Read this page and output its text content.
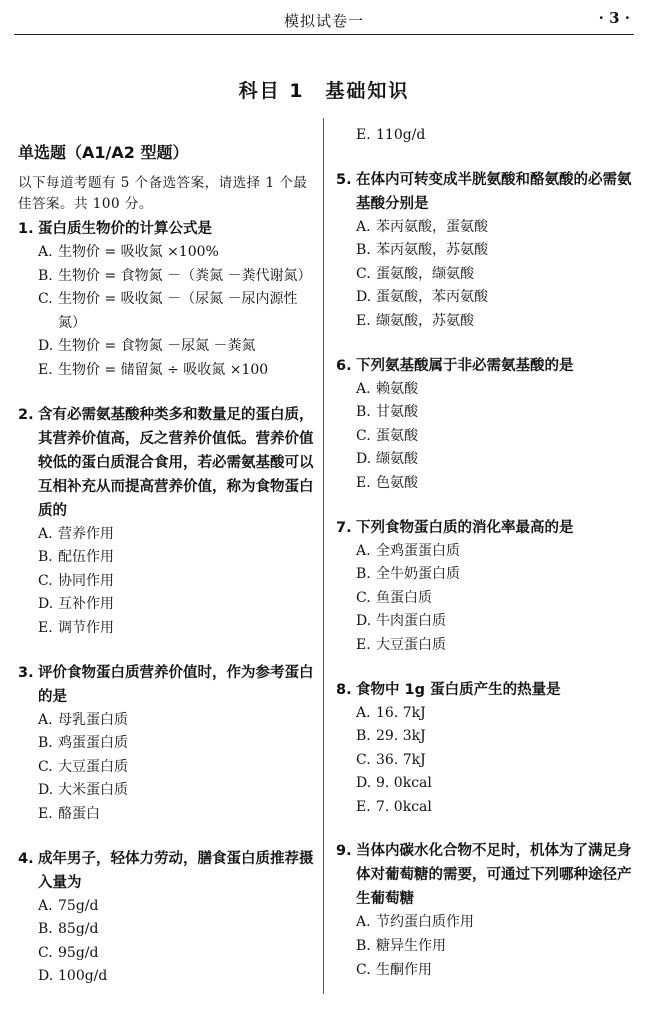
模拟试卷一	· 3 ·
科目 1　基础知识
单选题（A1/A2 型题）
以下每道考题有 5 个备选答案，请选择 1 个最佳答案。共 100 分。
1. 蛋白质生物价的计算公式是
A. 生物价 = 吸收氮 ×100%
B. 生物价 = 食物氮 －（粪氮 －粪代谢氮）
C. 生物价 = 吸收氮 －（尿氮 －尿内源性氮）
D. 生物价 = 食物氮 －尿氮 －粪氮
E. 生物价 = 储留氮 ÷ 吸收氮 ×100
2. 含有必需氨基酸种类多和数量足的蛋白质，其营养价值高，反之营养价值低。营养价值较低的蛋白质混合食用，若必需氨基酸可以互相补充从而提高营养价值，称为食物蛋白质的
A. 营养作用
B. 配伍作用
C. 协同作用
D. 互补作用
E. 调节作用
3. 评价食物蛋白质营养价值时，作为参考蛋白的是
A. 母乳蛋白质
B. 鸡蛋蛋白质
C. 大豆蛋白质
D. 大米蛋白质
E. 酪蛋白
4. 成年男子，轻体力劳动，膳食蛋白质推荐摄入量为
A. 75g/d
B. 85g/d
C. 95g/d
D. 100g/d
E. 110g/d
5. 在体内可转变成半胱氨酸和酪氨酸的必需氨基酸分别是
A. 苯丙氨酸，蛋氨酸
B. 苯丙氨酸，苏氨酸
C. 蛋氨酸，缬氨酸
D. 蛋氨酸，苯丙氨酸
E. 缬氨酸，苏氨酸
6. 下列氨基酸属于非必需氨基酸的是
A. 赖氨酸
B. 甘氨酸
C. 蛋氨酸
D. 缬氨酸
E. 色氨酸
7. 下列食物蛋白质的消化率最高的是
A. 全鸡蛋蛋白质
B. 全牛奶蛋白质
C. 鱼蛋白质
D. 牛肉蛋白质
E. 大豆蛋白质
8. 食物中 1g 蛋白质产生的热量是
A. 16. 7kJ
B. 29. 3kJ
C. 36. 7kJ
D. 9. 0kcal
E. 7. 0kcal
9. 当体内碳水化合物不足时，机体为了满足身体对葡萄糖的需要，可通过下列哪种途径产生葡萄糖
A. 节约蛋白质作用
B. 糖异生作用
C. 生酮作用
